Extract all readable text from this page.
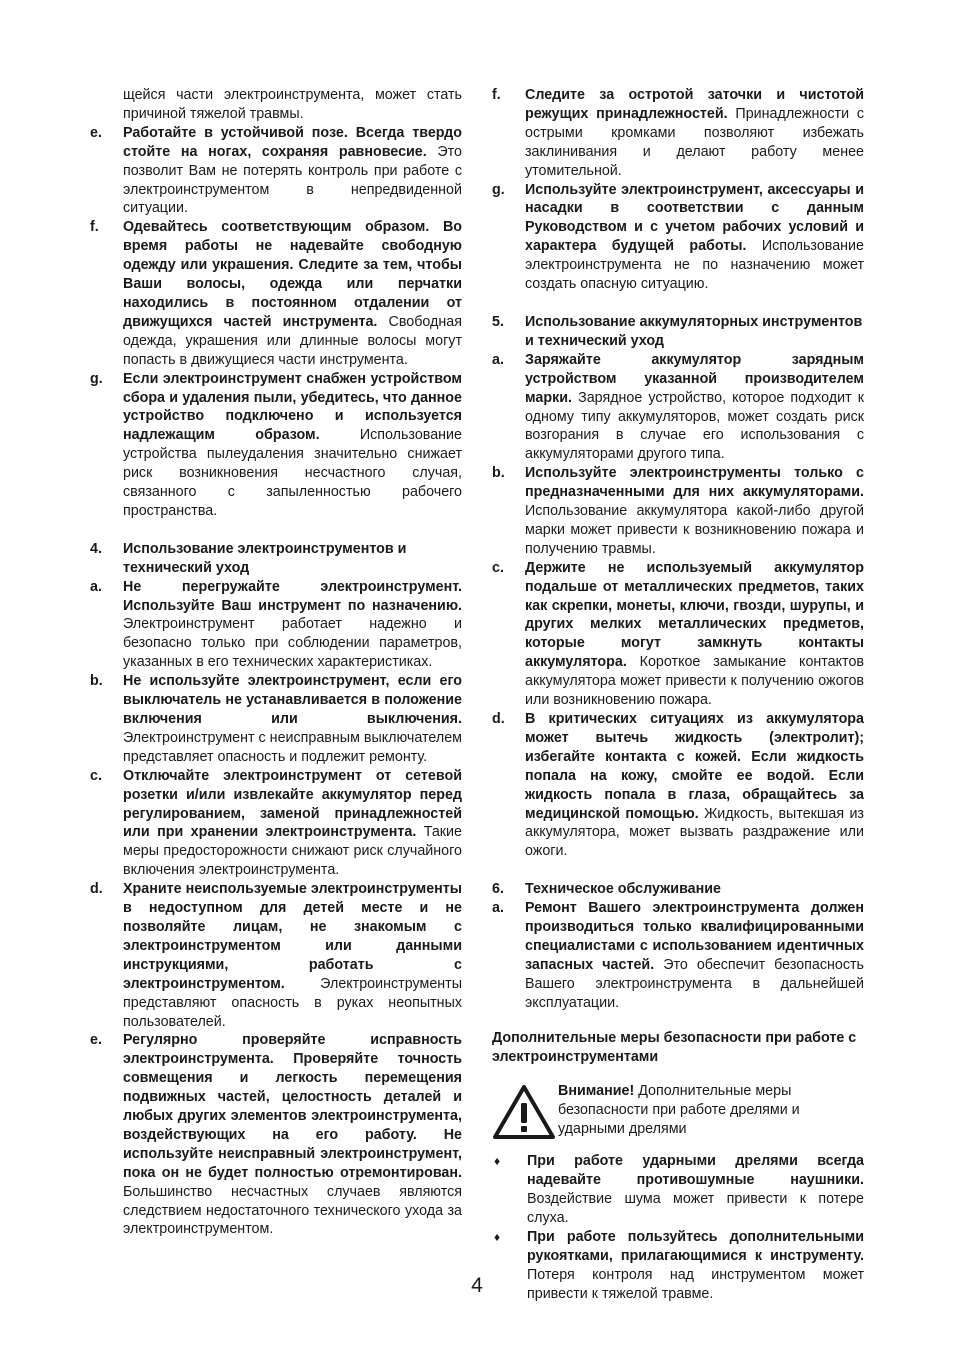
щейся части электроинструмента, может стать причиной тяжелой травмы.

e.	Работайте в устойчивой позе. Всегда твердо стойте на ногах, сохраняя равновесие. Это позволит Вам не потерять контроль при работе с электроинструментом в непредвиденной ситуации.

f.	Одевайтесь соответствующим образом. Во время работы не надевайте свободную одежду или украшения. Следите за тем, чтобы Ваши волосы, одежда или перчатки находились в постоянном отдалении от движущихся частей инструмента. Свободная одежда, украшения или длинные волосы могут попасть в движущиеся части инструмента.

g.	Если электроинструмент снабжен устройством сбора и удаления пыли, убедитесь, что данное устройство подключено и используется надлежащим образом. Использование устройства пылеудаления значительно снижает риск возникновения несчастного случая, связанного с запыленностью рабочего пространства.

4.	Использование электроинструментов и технический уход

a.	Не перегружайте электроинструмент. Используйте Ваш инструмент по назначению. Электроинструмент работает надежно и безопасно только при соблюдении параметров, указанных в его технических характеристиках.

b.	Не используйте электроинструмент, если его выключатель не устанавливается в положение включения или выключения. Электроинструмент с неисправным выключателем представляет опасность и подлежит ремонту.

c.	Отключайте электроинструмент от сетевой розетки и/или извлекайте аккумулятор перед регулированием, заменой принадлежностей или при хранении электроинструмента. Такие меры предосторожности снижают риск случайного включения электроинструмента.

d.	Храните неиспользуемые электроинструменты в недоступном для детей месте и не позволяйте лицам, не знакомым с электроинструментом или данными инструкциями, работать с электроинструментом. Электроинструменты представляют опасность в руках неопытных пользователей.

e.	Регулярно проверяйте исправность электроинструмента. Проверяйте точность совмещения и легкость перемещения подвижных частей, целостность деталей и любых других элементов электроинструмента, воздействующих на его работу. Не используйте неисправный электроинструмент, пока он не будет полностью отремонтирован. Большинство несчастных случаев являются следствием недостаточного технического ухода за электроинструментом.

f.	Следите за остротой заточки и чистотой режущих принадлежностей. Принадлежности с острыми кромками позволяют избежать заклинивания и делают работу менее утомительной.

g.	Используйте электроинструмент, аксессуары и насадки в соответствии с данным Руководством и с учетом рабочих условий и характера будущей работы. Использование электроинструмента не по назначению может создать опасную ситуацию.

5.	Использование аккумуляторных инструментов и технический уход

a.	Заряжайте аккумулятор зарядным устройством указанной производителем марки. Зарядное устройство, которое подходит к одному типу аккумуляторов, может создать риск возгорания в случае его использования с аккумуляторами другого типа.

b.	Используйте электроинструменты только с предназначенными для них аккумуляторами. Использование аккумулятора какой-либо другой марки может привести к возникновению пожара и получению травмы.

c.	Держите не используемый аккумулятор подальше от металлических предметов, таких как скрепки, монеты, ключи, гвозди, шурупы, и других мелких металлических предметов, которые могут замкнуть контакты аккумулятора. Короткое замыкание контактов аккумулятора может привести к получению ожогов или возникновению пожара.

d.	В критических ситуациях из аккумулятора может вытечь жидкость (электролит); избегайте контакта с кожей. Если жидкость попала на кожу, смойте ее водой. Если жидкость попала в глаза, обращайтесь за медицинской помощью. Жидкость, вытекшая из аккумулятора, может вызвать раздражение или ожоги.

6.	Техническое обслуживание

a.	Ремонт Вашего электроинструмента должен производиться только квалифицированными специалистами с использованием идентичных запасных частей. Это обеспечит безопасность Вашего электроинструмента в дальнейшей эксплуатации.

Дополнительные меры безопасности при работе с электроинструментами

Внимание! Дополнительные меры безопасности при работе дрелями и ударными дрелями

♦	При работе ударными дрелями всегда надевайте противошумные наушники. Воздействие шума может привести к потере слуха.

♦	При работе пользуйтесь дополнительными рукоятками, прилагающимися к инструменту. Потеря контроля над инструментом может привести к тяжелой травме.

4
